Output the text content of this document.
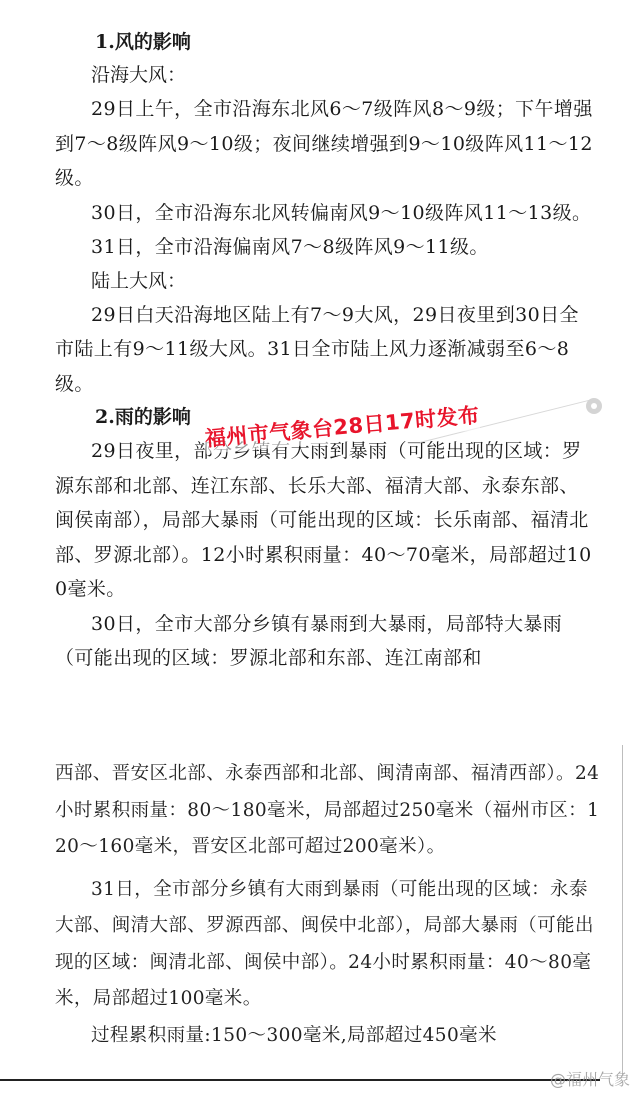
1.风的影响
沿海大风：

29日上午，全市沿海东北风6～7级阵风8～9级；下午增强到7～8级阵风9～10级；夜间继续增强到9～10级阵风11～12级。

30日，全市沿海东北风转偏南风9～10级阵风11～13级。

31日，全市沿海偏南风7～8级阵风9～11级。

陆上大风：

29日白天沿海地区陆上有7～9大风，29日夜里到30日全市陆上有9～11级大风。31日全市陆上风力逐渐减弱至6～8级。

2.雨的影响

29日夜里，部分乡镇有大雨到暴雨（可能出现的区域：罗源东部和北部、连江东部、长乐大部、福清大部、永泰东部、闽侯南部），局部大暴雨（可能出现的区域：长乐南部、福清北部、罗源北部）。12小时累积雨量：40～70毫米，局部超过100毫米。

30日，全市大部分乡镇有暴雨到大暴雨，局部特大暴雨（可能出现的区域：罗源北部和东部、连江南部和

福州市气象台28日17时发布

西部、晋安区北部、永泰西部和北部、闽清南部、福清西部）。24小时累积雨量：80～180毫米，局部超过250毫米（福州市区：120～160毫米，晋安区北部可超过200毫米）。

31日，全市部分乡镇有大雨到暴雨（可能出现的区域：永泰大部、闽清大部、罗源西部、闽侯中北部），局部大暴雨（可能出现的区域：闽清北部、闽侯中部）。24小时累积雨量：40～80毫米，局部超过100毫米。

过程累积雨量:150～300毫米,局部超过450毫米

@福州气象
